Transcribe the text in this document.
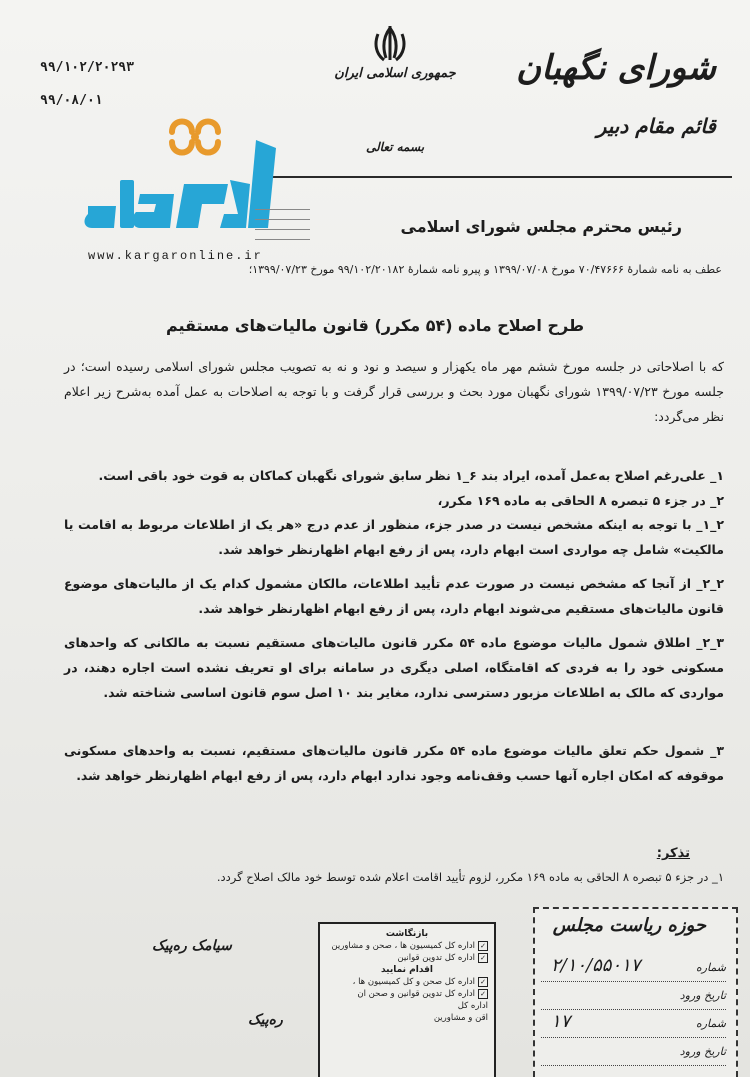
شورای نگهبان
قائم مقام دبیر
جمهوری اسلامی ایران
بسمه تعالی
۹۹/۱۰۲/۲۰۲۹۳
۹۹/۰۸/۰۱
کارگرآنلاین
www.kargaronline.ir
رئیس محترم مجلس شورای اسلامی
عطف به نامه شمارهٔ ۷۰/۴۷۶۶۶ مورخ ۱۳۹۹/۰۷/۰۸ و پیرو نامه شمارهٔ ۹۹/۱۰۲/۲۰۱۸۲ مورخ ۱۳۹۹/۰۷/۲۳؛
طرح اصلاح ماده (۵۴ مکرر) قانون مالیات‌های مستقیم
که با اصلاحاتی در جلسه مورخ ششم مهر ماه یکهزار و سیصد و نود و نه به تصویب مجلس شورای اسلامی رسیده است؛ در جلسه مورخ ۱۳۹۹/۰۷/۲۳ شورای نگهبان مورد بحث و بررسی قرار گرفت و با توجه به اصلاحات به عمل آمده به‌شرح زیر اعلام نظر می‌گردد:
۱_ علی‌رغم اصلاح به‌عمل آمده، ایراد بند ۶_۱ نظر سابق شورای نگهبان کماکان به قوت خود باقی است.
۲_ در جزء ۵ تبصره ۸ الحاقی به ماده ۱۶۹ مکرر،
۲_۱_ با توجه به اینکه مشخص نیست در صدر جزء، منظور از عدم درج «هر یک از اطلاعات مربوط به اقامت یا مالکیت» شامل چه مواردی است ابهام دارد، پس از رفع ابهام اظهارنظر خواهد شد.
۲_۲_ از آنجا که مشخص نیست در صورت عدم تأیید اطلاعات، مالکان مشمول کدام یک از مالیات‌های موضوع قانون مالیات‌های مستقیم می‌شوند ابهام دارد، پس از رفع ابهام اظهارنظر خواهد شد.
۳_۲_ اطلاق شمول مالیات موضوع ماده ۵۴ مکرر قانون مالیات‌های مستقیم نسبت به مالکانی که واحدهای مسکونی خود را به فردی که اقامتگاه، اصلی دیگری در سامانه برای او تعریف نشده است اجاره دهند، در مواردی که مالک به اطلاعات مزبور دسترسی ندارد، مغایر بند ۱۰ اصل سوم قانون اساسی شناخته شد.
۳_ شمول حکم تعلق مالیات موضوع ماده ۵۴ مکرر قانون مالیات‌های مستقیم، نسبت به واحدهای مسکونی موقوفه که امکان اجاره آنها حسب وقف‌نامه وجود ندارد ابهام دارد، پس از رفع ابهام اظهارنظر خواهد شد.
تذکر:
۱_ در جزء ۵ تبصره ۸ الحاقی به ماده ۱۶۹ مکرر، لزوم تأیید اقامت اعلام شده توسط خود مالک اصلاح گردد.
سیامک ره‌پیک
ره‌پیک
بازنگاشت
✓اداره کل کمیسیون ها ، صحن و مشاورین
✓اداره کل تدوین قوانین
اقدام نمایید
✓اداره کل صحن و کل کمیسیون ها ،
✓اداره کل تدوین قوانین و صحن ان
اداره کل
اقن و مشاورین
حوزه ریاست مجلس
شماره
۲/۱۰/۵۵۰۱۷
تاریخ ورود
شماره
۱۷
تاریخ ورود
